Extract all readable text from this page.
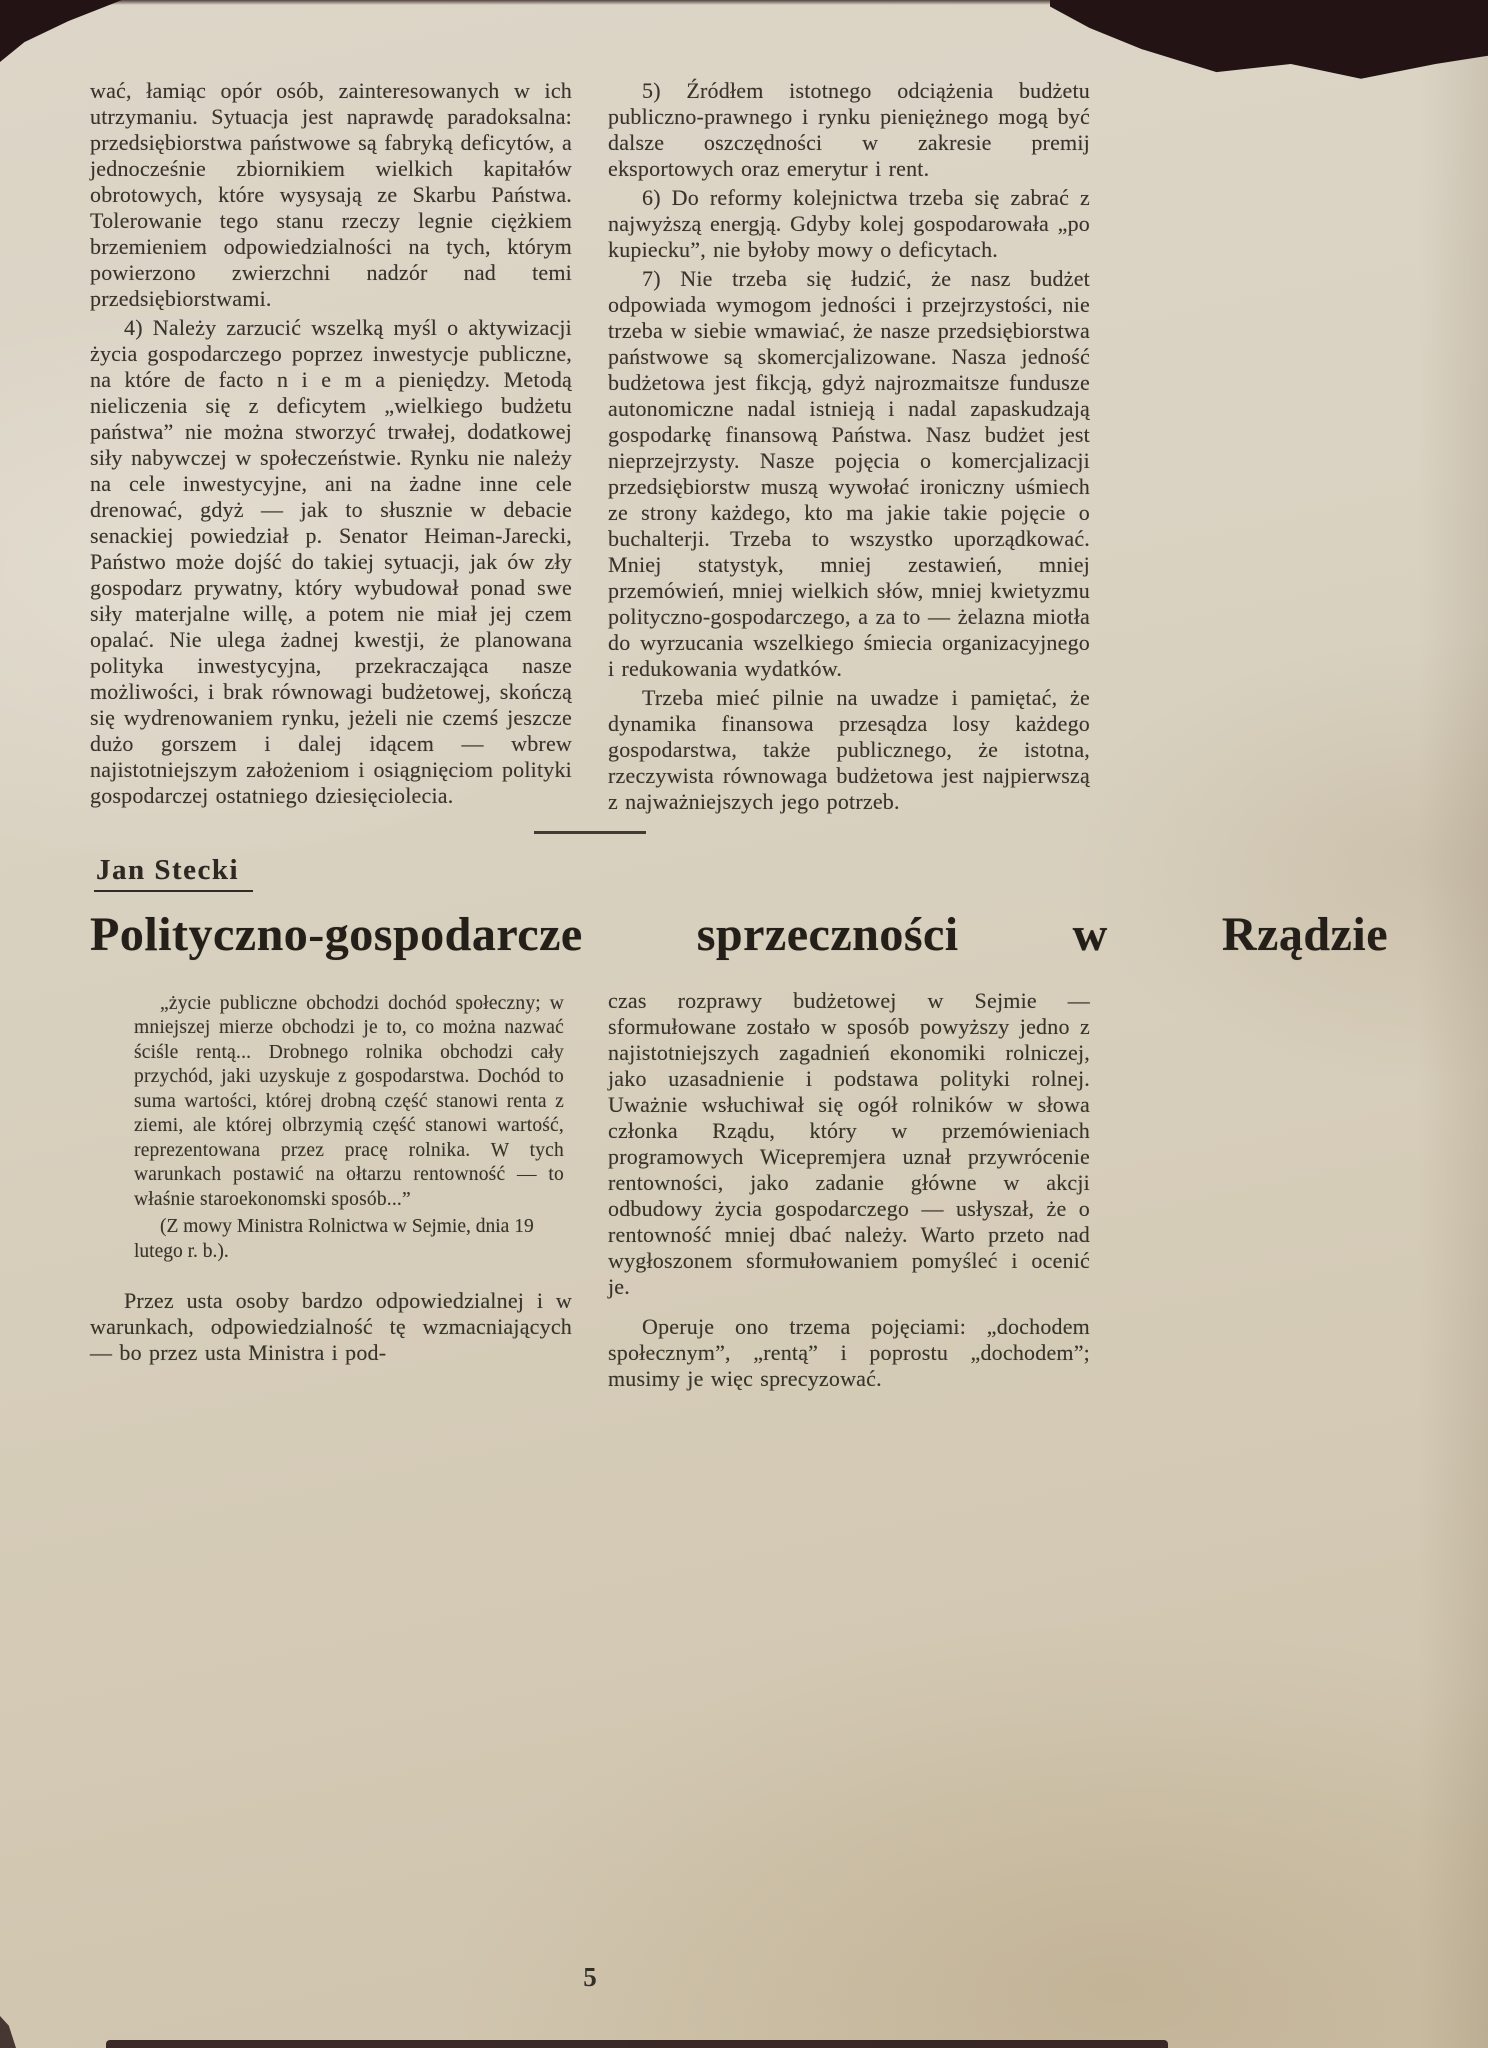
wać, łamiąc opór osób, zainteresowanych w ich utrzymaniu. Sytuacja jest naprawdę paradoksalna: przedsiębiorstwa państwowe są fabryką deficytów, a jednocześnie zbiornikiem wielkich kapitałów obrotowych, które wysysają ze Skarbu Państwa. Tolerowanie tego stanu rzeczy legnie ciężkiem brzemieniem odpowiedzialności na tych, którym powierzono zwierzchni nadzór nad temi przedsiębiorstwami.

4) Należy zarzucić wszelką myśl o aktywizacji życia gospodarczego poprzez inwestycje publiczne, na które de facto n i e m a pieniędzy. Metodą nieliczenia się z deficytem „wielkiego budżetu państwa” nie można stworzyć trwałej, dodatkowej siły nabywczej w społeczeństwie. Rynku nie należy na cele inwestycyjne, ani na żadne inne cele drenować, gdyż — jak to słusznie w debacie senackiej powiedział p. Senator Heiman-Jarecki, Państwo może dojść do takiej sytuacji, jak ów zły gospodarz prywatny, który wybudował ponad swe siły materjalne willę, a potem nie miał jej czem opalać. Nie ulega żadnej kwestji, że planowana polityka inwestycyjna, przekraczająca nasze możliwości, i brak równowagi budżetowej, skończą się wydrenowaniem rynku, jeżeli nie czemś jeszcze dużo gorszem i dalej idącem — wbrew najistotniejszym założeniom i osiągnięciom polityki gospodarczej ostatniego dziesięciolecia.

5) Źródłem istotnego odciążenia budżetu publiczno-prawnego i rynku pieniężnego mogą być dalsze oszczędności w zakresie premij eksportowych oraz emerytur i rent.

6) Do reformy kolejnictwa trzeba się zabrać z najwyższą energją. Gdyby kolej gospodarowała „po kupiecku”, nie byłoby mowy o deficytach.

7) Nie trzeba się łudzić, że nasz budżet odpowiada wymogom jedności i przejrzystości, nie trzeba w siebie wmawiać, że nasze przedsiębiorstwa państwowe są skomercjalizowane. Nasza jedność budżetowa jest fikcją, gdyż najrozmaitsze fundusze autonomiczne nadal istnieją i nadal zapaskudzają gospodarkę finansową Państwa. Nasz budżet jest nieprzejrzysty. Nasze pojęcia o komercjalizacji przedsiębiorstw muszą wywołać ironiczny uśmiech ze strony każdego, kto ma jakie takie pojęcie o buchalterji. Trzeba to wszystko uporządkować. Mniej statystyk, mniej zestawień, mniej przemówień, mniej wielkich słów, mniej kwietyzmu polityczno-gospodarczego, a za to — żelazna miotła do wyrzucania wszelkiego śmiecia organizacyjnego i redukowania wydatków.

Trzeba mieć pilnie na uwadze i pamiętać, że dynamika finansowa przesądza losy każdego gospodarstwa, także publicznego, że istotna, rzeczywista równowaga budżetowa jest najpierwszą z najważniejszych jego potrzeb.

Jan Stecki
Polityczno-gospodarcze sprzeczności w Rządzie

„życie publiczne obchodzi dochód społeczny; w mniejszej mierze obchodzi je to, co można nazwać ściśle rentą... Drobnego rolnika obchodzi cały przychód, jaki uzyskuje z gospodarstwa. Dochód to suma wartości, której drobną część stanowi renta z ziemi, ale której olbrzymią część stanowi wartość, reprezentowana przez pracę rolnika. W tych warunkach postawić na ołtarzu rentowność — to właśnie staroekonomski sposób...”

(Z mowy Ministra Rolnictwa w Sejmie, dnia 19 lutego r. b.).

Przez usta osoby bardzo odpowiedzialnej i w warunkach, odpowiedzialność tę wzmacniających — bo przez usta Ministra i pod-

czas rozprawy budżetowej w Sejmie — sformułowane zostało w sposób powyższy jedno z najistotniejszych zagadnień ekonomiki rolniczej, jako uzasadnienie i podstawa polityki rolnej. Uważnie wsłuchiwał się ogół rolników w słowa członka Rządu, który w przemówieniach programowych Wicepremjera uznał przywrócenie rentowności, jako zadanie główne w akcji odbudowy życia gospodarczego — usłyszał, że o rentowność mniej dbać należy. Warto przeto nad wygłoszonem sformułowaniem pomyśleć i ocenić je.

Operuje ono trzema pojęciami: „dochodem społecznym”, „rentą” i poprostu „dochodem”; musimy je więc sprecyzować.

5
